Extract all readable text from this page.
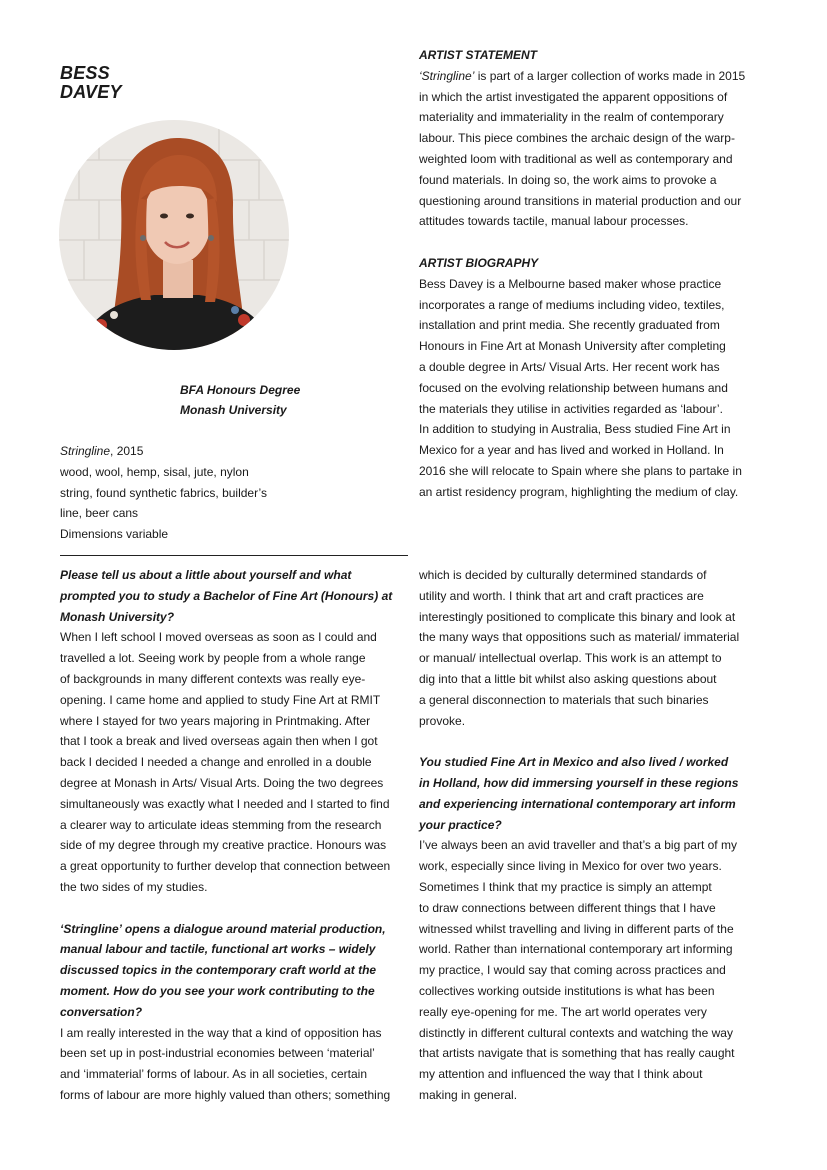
BESS
DAVEY
BFA Honours Degree
Monash University
Stringline, 2015
wood, wool, hemp, sisal, jute, nylon
string, found synthetic fabrics, builder’s
line, beer cans
Dimensions variable

ARTIST STATEMENT

‘Stringline’ is part of a larger collection of works made in 2015

in which the artist investigated the apparent oppositions of

materiality and immateriality in the realm of contemporary

labour. This piece combines the archaic design of the warp-

weighted loom with traditional as well as contemporary and

found materials. In doing so, the work aims to provoke a

questioning around transitions in material production and our

attitudes towards tactile, manual labour processes.

ARTIST BIOGRAPHY

Bess Davey is a Melbourne based maker whose practice

incorporates a range of mediums including video, textiles,

installation and print media. She recently graduated from

Honours in Fine Art at Monash University after completing

a double degree in Arts/ Visual Arts. Her recent work has

focused on the evolving relationship between humans and

the materials they utilise in activities regarded as ‘labour’.

In addition to studying in Australia, Bess studied Fine Art in

Mexico for a year and has lived and worked in Holland. In

2016 she will relocate to Spain where she plans to partake in

an artist residency program, highlighting the medium of clay.

Please tell us about a little about yourself and what

prompted you to study a Bachelor of Fine Art (Honours) at

Monash University?

When I left school I moved overseas as soon as I could and

travelled a lot. Seeing work by people from a whole range

of backgrounds in many different contexts was really eye-

opening. I came home and applied to study Fine Art at RMIT

where I stayed for two years majoring in Printmaking. After

that I took a break and lived overseas again then when I got

back I decided I needed a change and enrolled in a double

degree at Monash in Arts/ Visual Arts. Doing the two degrees

simultaneously was exactly what I needed and I started to find

a clearer way to articulate ideas stemming from the research

side of my degree through my creative practice. Honours was

a great opportunity to further develop that connection between

the two sides of my studies.

‘Stringline’ opens a dialogue around material production,

manual labour and tactile, functional art works – widely

discussed topics in the contemporary craft world at the

moment. How do you see your work contributing to the

conversation?

I am really interested in the way that a kind of opposition has

been set up in post-industrial economies between ‘material’

and ‘immaterial’ forms of labour. As in all societies, certain

forms of labour are more highly valued than others; something

which is decided by culturally determined standards of

utility and worth. I think that art and craft practices are

interestingly positioned to complicate this binary and look at

the many ways that oppositions such as material/ immaterial

or manual/ intellectual overlap. This work is an attempt to

dig into that a little bit whilst also asking questions about

a general disconnection to materials that such binaries

provoke.

You studied Fine Art in Mexico and also lived / worked

in Holland, how did immersing yourself in these regions

and experiencing international contemporary art inform

your practice?

I’ve always been an avid traveller and that’s a big part of my

work, especially since living in Mexico for over two years.

Sometimes I think that my practice is simply an attempt

to draw connections between different things that I have

witnessed whilst travelling and living in different parts of the

world. Rather than international contemporary art informing

my practice, I would say that coming across practices and

collectives working outside institutions is what has been

really eye-opening for me. The art world operates very

distinctly in different cultural contexts and watching the way

that artists navigate that is something that has really caught

my attention and influenced the way that I think about

making in general.
